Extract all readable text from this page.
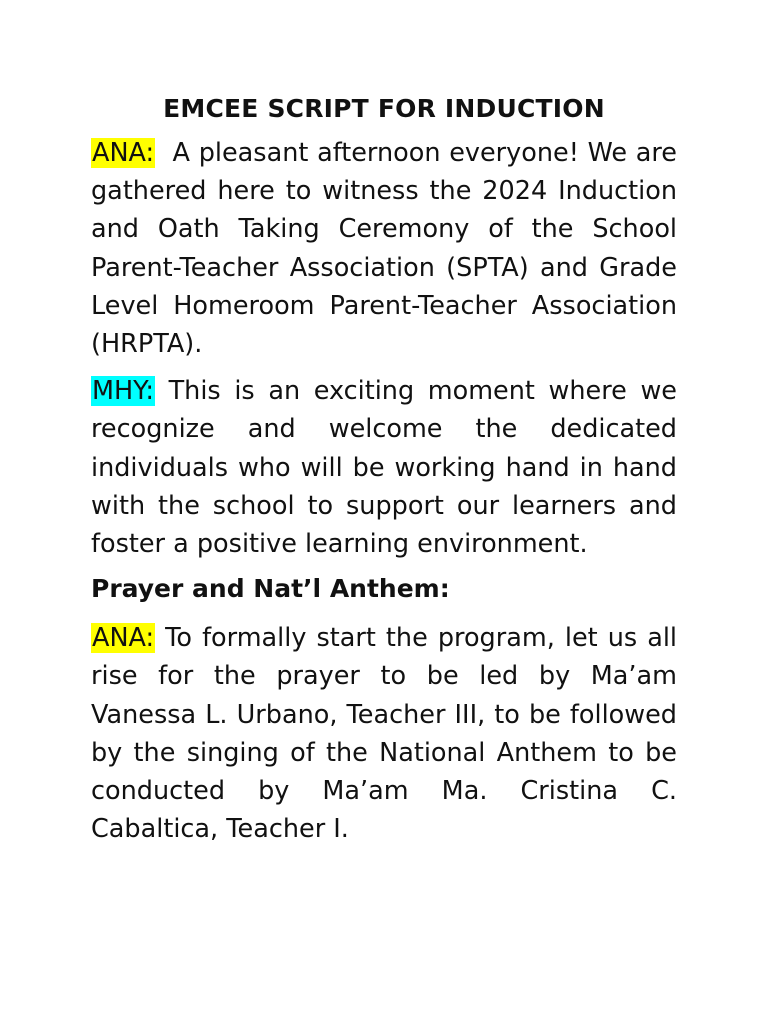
EMCEE SCRIPT FOR INDUCTION

ANA: A pleasant afternoon everyone! We are gathered here to witness the 2024 Induction and Oath Taking Ceremony of the School Parent-Teacher Association (SPTA) and Grade Level Homeroom Parent-Teacher Association (HRPTA).

MHY: This is an exciting moment where we recognize and welcome the dedicated individuals who will be working hand in hand with the school to support our learners and foster a positive learning environment.

Prayer and Nat’l Anthem:

ANA: To formally start the program, let us all rise for the prayer to be led by Ma’am Vanessa L. Urbano, Teacher III, to be followed by the singing of the National Anthem to be conducted by Ma’am Ma. Cristina C. Cabaltica, Teacher I.
